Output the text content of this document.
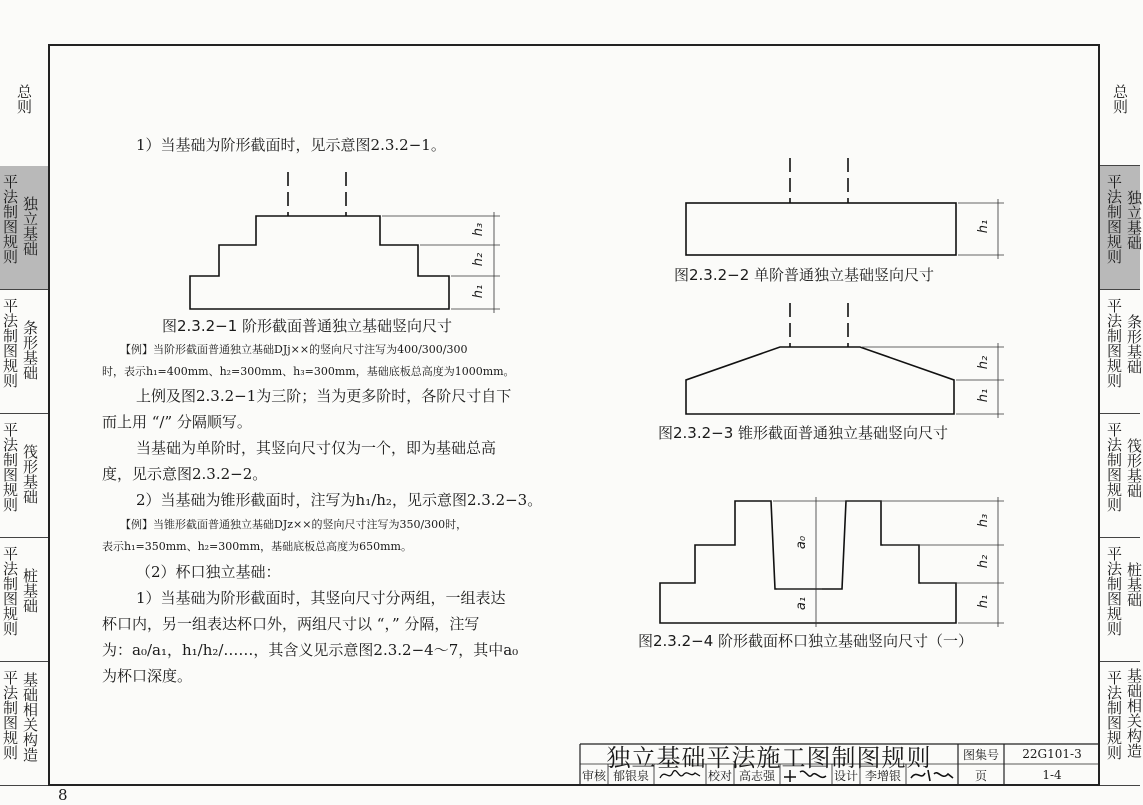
总则
平法制图规则 独立基础
平法制图规则 条形基础
平法制图规则 筏形基础
平法制图规则 桩基础
平法制图规则 基础相关构造
总则
平法制图规则 独立基础
平法制图规则 条形基础
平法制图规则 筏形基础
平法制图规则 桩基础
平法制图规则 基础相关构造
1）当基础为阶形截面时，见示意图2.3.2−1。
h₃
h₂
h₁
h₁
h₂
h₁
h₃
h₂
h₁
a₀
a₁
图2.3.2−1 阶形截面普通独立基础竖向尺寸
图2.3.2−2 单阶普通独立基础竖向尺寸
图2.3.2−3 锥形截面普通独立基础竖向尺寸
图2.3.2−4 阶形截面杯口独立基础竖向尺寸（一）
【例】当阶形截面普通独立基础DJj××的竖向尺寸注写为400/300/300
时，表示h₁=400mm、h₂=300mm、h₃=300mm，基础底板总高度为1000mm。
上例及图2.3.2−1为三阶；当为更多阶时，各阶尺寸自下
而上用 “/” 分隔顺写。
当基础为单阶时，其竖向尺寸仅为一个，即为基础总高
度，见示意图2.3.2−2。
2）当基础为锥形截面时，注写为h₁/h₂，见示意图2.3.2−3。
【例】当锥形截面普通独立基础DJz××的竖向尺寸注写为350/300时，
表示h₁=350mm、h₂=300mm，基础底板总高度为650mm。
（2）杯口独立基础：
1）当基础为阶形截面时，其竖向尺寸分两组，一组表达
杯口内，另一组表达杯口外，两组尺寸以 “，” 分隔，注写
为：a₀/a₁，h₁/h₂/……，其含义见示意图2.3.2−4～7，其中a₀
为杯口深度。
独立基础平法施工图制图规则	图集号	22G101-3
审核 郁银泉	校对 高志强	设计 李增银	页	1-4
8
